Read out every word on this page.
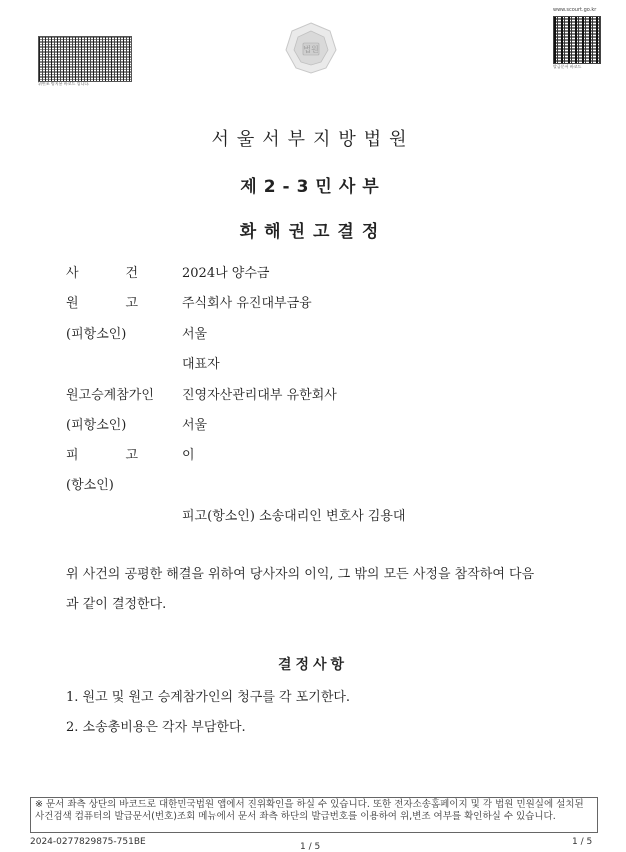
위변조 방지용 바코드 입니다.
www.scourt.go.kr
발급문서 바코드
법원
서울서부지방법원
제2-3민사부
화해권고결정
사	건	2024나 양수금
원	고	주식회사 유진대부금융
(피항소인)	서울
대표자
원고승계참가인 진영자산관리대부 유한회사
(피항소인)	서울
피	고	이
(항소인)
피고(항소인) 소송대리인 변호사 김용대
위 사건의 공평한 해결을 위하여 당사자의 이익, 그 밖의 모든 사정을 참작하여 다음
과 같이 결정한다.
결정사항
1. 원고 및 원고 승계참가인의 청구를 각 포기한다.
2. 소송총비용은 각자 부담한다.
※ 문서 좌측 상단의 바코드로 대한민국법원 앱에서 진위확인을 하실 수 있습니다. 또한 전자소송홈페이지 및 각 법원 민원실에 설치된 사건검색 컴퓨터의 발급문서(번호)조회 메뉴에서 문서 좌측 하단의 발급번호를 이용하여 위,변조 여부를 확인하실 수 있습니다.
2024-0277829875-751BE	1 / 5	1 / 5
